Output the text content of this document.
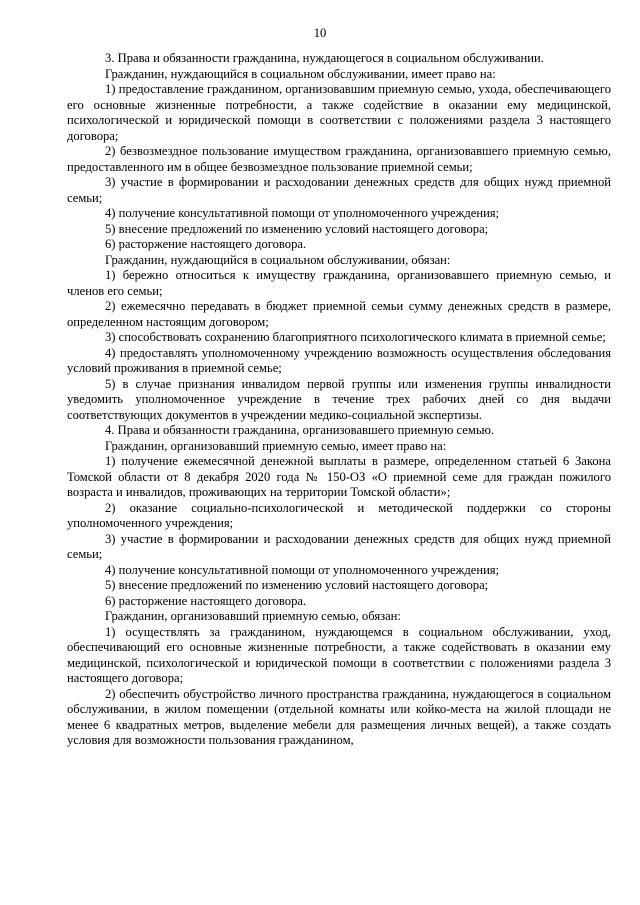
10

3. Права и обязанности гражданина, нуждающегося в социальном обслуживании.

Гражданин, нуждающийся в социальном обслуживании, имеет право на:

1) предоставление гражданином, организовавшим приемную семью, ухода, обеспечивающего его основные жизненные потребности, а также содействие в оказании ему медицинской, психологической и юридической помощи в соответствии с положениями раздела 3 настоящего договора;

2) безвозмездное пользование имуществом гражданина, организовавшего приемную семью, предоставленного им в общее безвозмездное пользование приемной семьи;

3) участие в формировании и расходовании денежных средств для общих нужд приемной семьи;

4) получение консультативной помощи от уполномоченного учреждения;

5) внесение предложений по изменению условий настоящего договора;

6) расторжение настоящего договора.

Гражданин, нуждающийся в социальном обслуживании, обязан:

1) бережно относиться к имуществу гражданина, организовавшего приемную семью, и членов его семьи;

2) ежемесячно передавать в бюджет приемной семьи сумму денежных средств в размере, определенном настоящим договором;

3) способствовать сохранению благоприятного психологического климата в приемной семье;

4) предоставлять уполномоченному учреждению возможность осуществления обследования условий проживания в приемной семье;

5) в случае признания инвалидом первой группы или изменения группы инвалидности уведомить уполномоченное учреждение в течение трех рабочих дней со дня выдачи соответствующих документов в учреждении медико-социальной экспертизы.

4. Права и обязанности гражданина, организовавшего приемную семью.

Гражданин, организовавший приемную семью, имеет право на:

1) получение ежемесячной денежной выплаты в размере, определенном статьей 6 Закона Томской области от 8 декабря 2020 года № 150-ОЗ «О приемной семе для граждан пожилого возраста и инвалидов, проживающих на территории Томской области»;

2) оказание социально-психологической и методической поддержки со стороны уполномоченного учреждения;

3) участие в формировании и расходовании денежных средств для общих нужд приемной семьи;

4) получение консультативной помощи от уполномоченного учреждения;

5) внесение предложений по изменению условий настоящего договора;

6) расторжение настоящего договора.

Гражданин, организовавший приемную семью, обязан:

1) осуществлять за гражданином, нуждающемся в социальном обслуживании, уход, обеспечивающий его основные жизненные потребности, а также содействовать в оказании ему медицинской, психологической и юридической помощи в соответствии с положениями раздела 3 настоящего договора;

2) обеспечить обустройство личного пространства гражданина, нуждающегося в социальном обслуживании, в жилом помещении (отдельной комнаты или койко-места на жилой площади не менее 6 квадратных метров, выделение мебели для размещения личных вещей), а также создать условия для возможности пользования гражданином,
